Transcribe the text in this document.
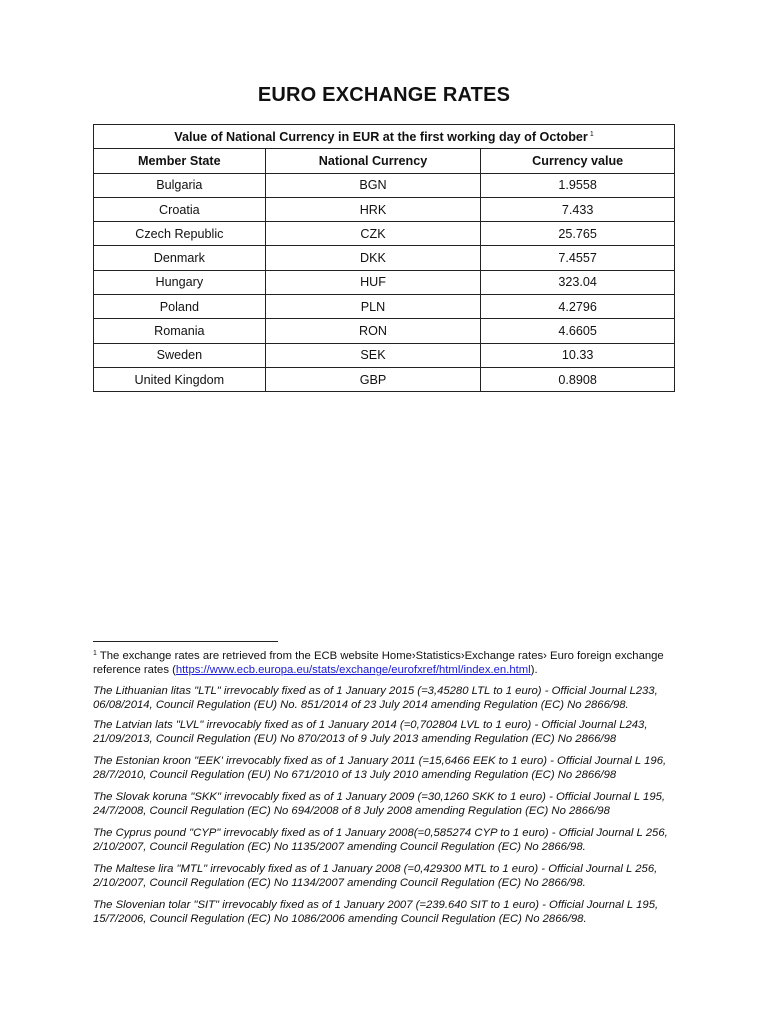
EURO EXCHANGE RATES
Value of National Currency in EUR at the first working day of October $^1$
Member State	National Currency	Currency value
Bulgaria	BGN	1.9558
Croatia	HRK	7.433
Czech Republic	CZK	25.765
Denmark	DKK	7.4557
Hungary	HUF	323.04
Poland	PLN	4.2796
Romania	RON	4.6605
Sweden	SEK	10.33
United Kingdom	GBP	0.8908
$^1$ The exchange rates are retrieved from the ECB website Home›Statistics›Exchange rates› Euro foreign exchange reference rates (https://www.ecb.europa.eu/stats/exchange/eurofxref/html/index.en.html).
The Lithuanian litas "LTL" irrevocably fixed as of 1 January 2015 (=3,45280 LTL to 1 euro) - Official Journal L233, 06/08/2014, Council Regulation (EU) No. 851/2014 of 23 July 2014 amending Regulation (EC) No 2866/98.
The Latvian lats "LVL" irrevocably fixed as of 1 January 2014 (=0,702804 LVL to 1 euro) - Official Journal L243, 21/09/2013, Council Regulation (EU) No 870/2013 of 9 July 2013 amending Regulation (EC) No 2866/98
The Estonian kroon "EEK' irrevocably fixed as of 1 January 2011 (=15,6466 EEK to 1 euro) - Official Journal L 196, 28/7/2010, Council Regulation (EU) No 671/2010 of 13 July 2010 amending Regulation (EC) No 2866/98
The Slovak koruna "SKK" irrevocably fixed as of 1 January 2009 (=30,1260 SKK to 1 euro) - Official Journal L 195, 24/7/2008, Council Regulation (EC) No 694/2008 of 8 July 2008 amending Regulation (EC) No 2866/98
The Cyprus pound "CYP" irrevocably fixed as of 1 January 2008(=0,585274 CYP to 1 euro) - Official Journal L 256, 2/10/2007, Council Regulation (EC) No 1135/2007 amending Council Regulation (EC) No 2866/98.
The Maltese lira "MTL" irrevocably fixed as of 1 January 2008 (=0,429300 MTL to 1 euro) - Official Journal L 256, 2/10/2007, Council Regulation (EC) No 1134/2007 amending Council Regulation (EC) No 2866/98.
The Slovenian tolar "SIT" irrevocably fixed as of 1 January 2007 (=239.640 SIT to 1 euro) - Official Journal L 195, 15/7/2006, Council Regulation (EC) No 1086/2006 amending Council Regulation (EC) No 2866/98.
